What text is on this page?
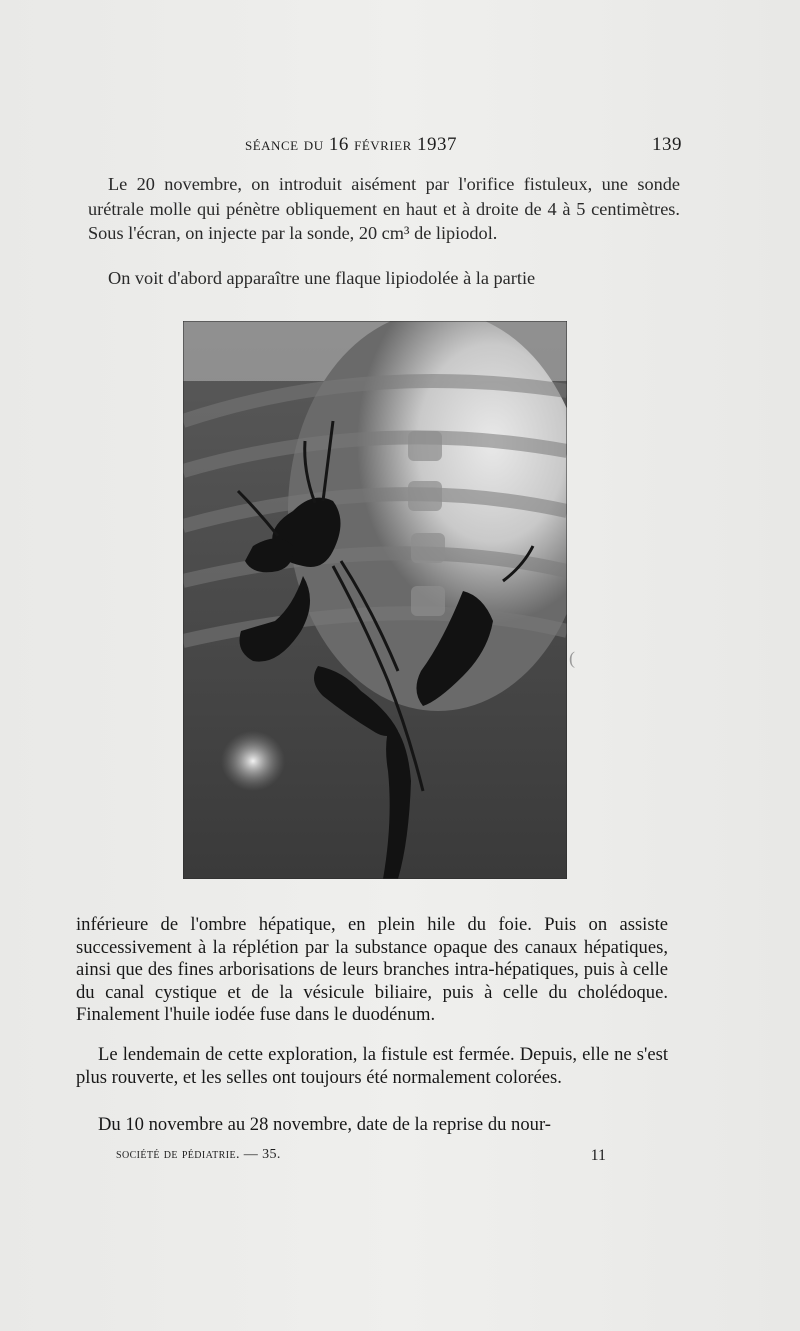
séance du 16 février 1937	139

Le 20 novembre, on introduit aisément par l'orifice fistuleux, une sonde urétrale molle qui pénètre obliquement en haut et à droite de 4 à 5 centimètres. Sous l'écran, on injecte par la sonde, 20 cm³ de lipiodol.

On voit d'abord apparaître une flaque lipiodolée à la partie

(

inférieure de l'ombre hépatique, en plein hile du foie. Puis on assiste successivement à la réplétion par la substance opaque des canaux hépatiques, ainsi que des fines arborisations de leurs branches intra-hépatiques, puis à celle du canal cystique et de la vésicule biliaire, puis à celle du cholédoque. Finalement l'huile iodée fuse dans le duodénum.

Le lendemain de cette exploration, la fistule est fermée. Depuis, elle ne s'est plus rouverte, et les selles ont toujours été normalement colorées.

Du 10 novembre au 28 novembre, date de la reprise du nour-

société de pédiatrie. — 35.	11
